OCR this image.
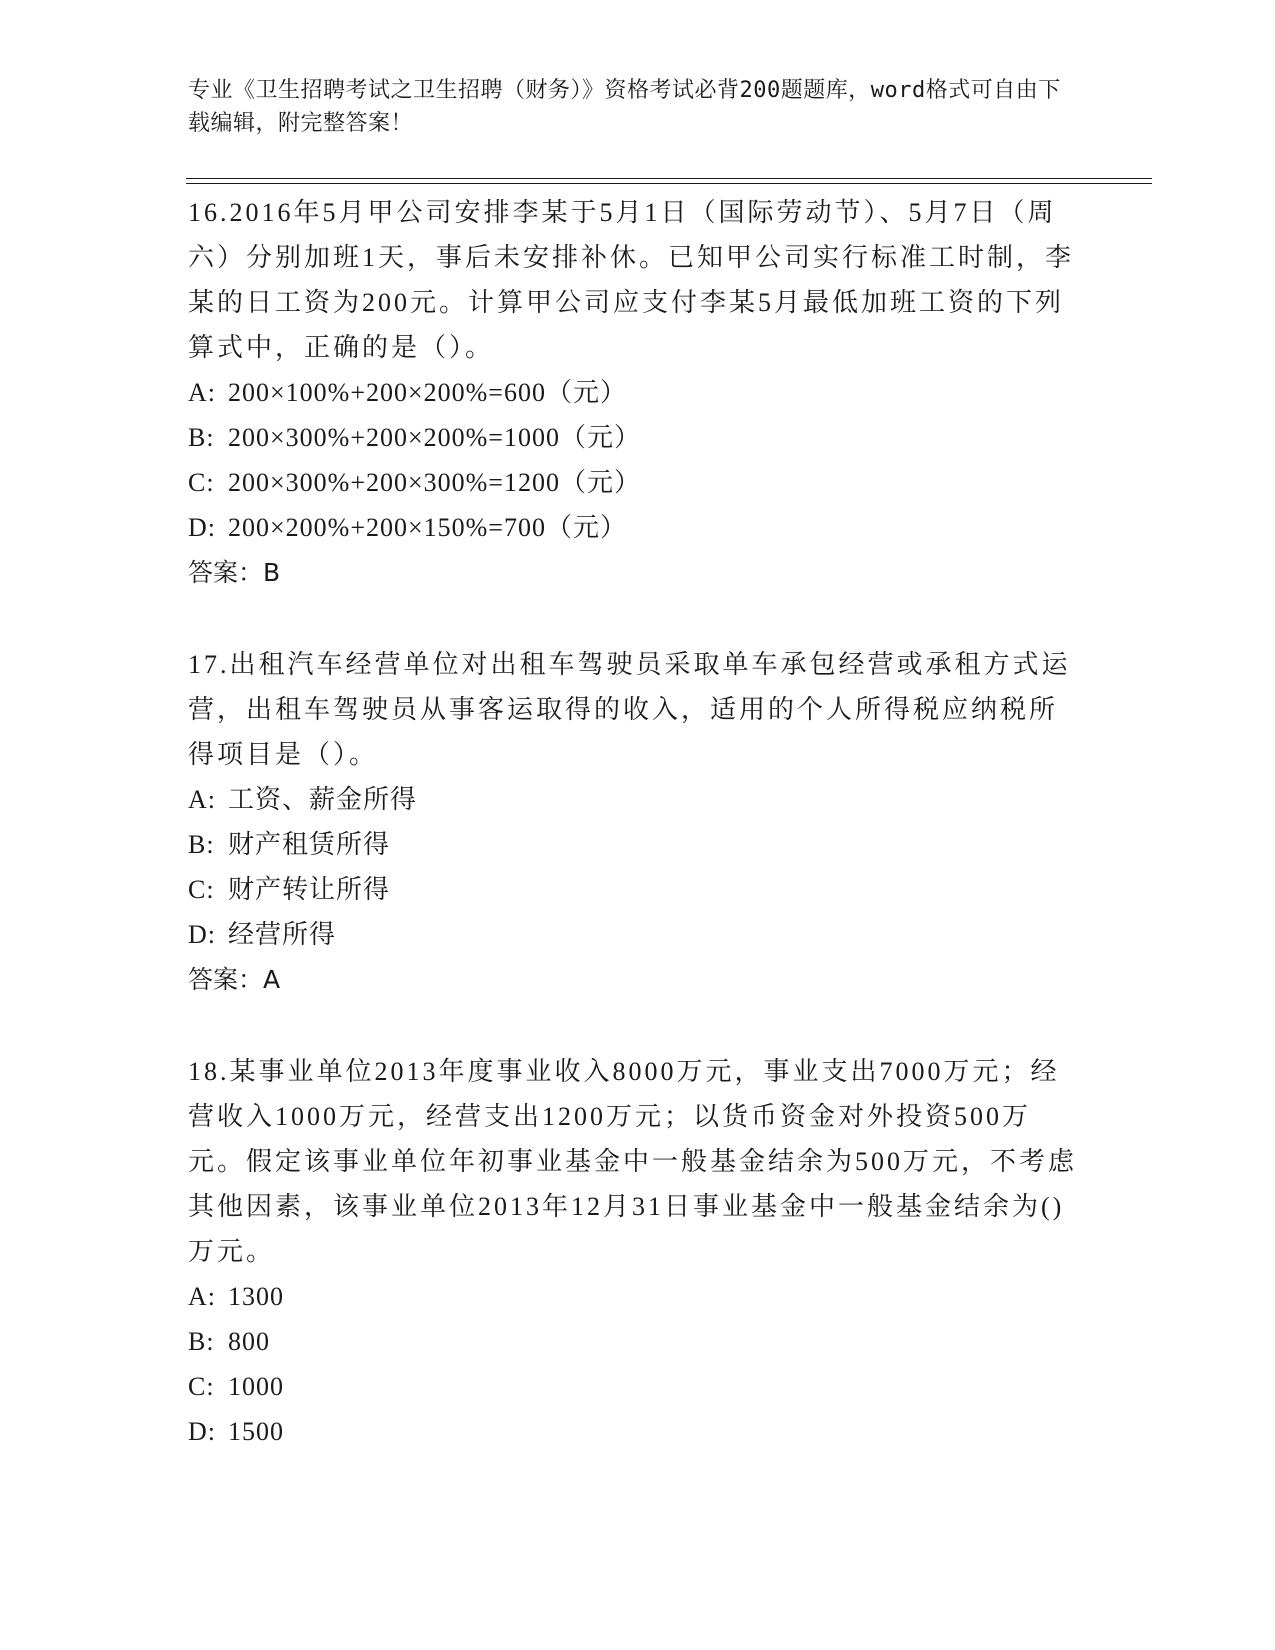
专业《卫生招聘考试之卫生招聘（财务）》资格考试必背200题题库，word格式可自由下载编辑，附完整答案！

16.2016年5月甲公司安排李某于5月1日（国际劳动节）、5月7日（周六）分别加班1天，事后未安排补休。已知甲公司实行标准工时制，李某的日工资为200元。计算甲公司应支付李某5月最低加班工资的下列算式中，正确的是（）。

A: 200×100%+200×200%=600（元）

B: 200×300%+200×200%=1000（元）

C: 200×300%+200×300%=1200（元）

D: 200×200%+200×150%=700（元）

答案：B

17.出租汽车经营单位对出租车驾驶员采取单车承包经营或承租方式运营，出租车驾驶员从事客运取得的收入，适用的个人所得税应纳税所得项目是（）。

A: 工资、薪金所得

B: 财产租赁所得

C: 财产转让所得

D: 经营所得

答案：A

18.某事业单位2013年度事业收入8000万元，事业支出7000万元；经营收入1000万元，经营支出1200万元；以货币资金对外投资500万元。假定该事业单位年初事业基金中一般基金结余为500万元，不考虑其他因素，该事业单位2013年12月31日事业基金中一般基金结余为()万元。

A: 1300

B: 800

C: 1000

D: 1500
